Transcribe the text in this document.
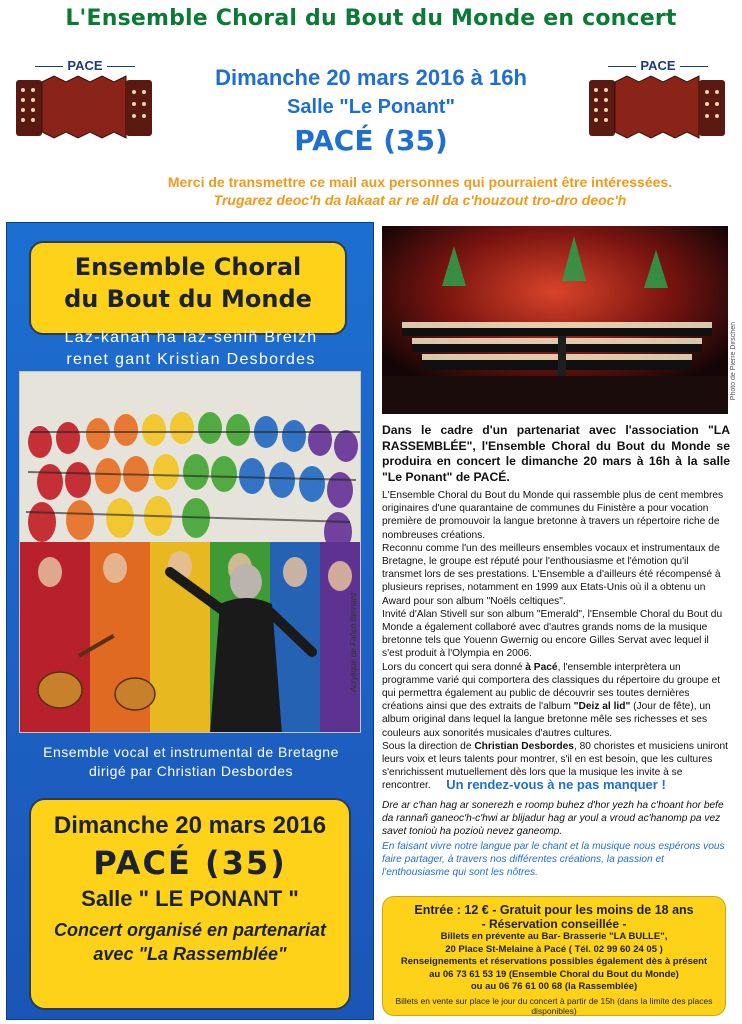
L'Ensemble Choral du Bout du Monde en concert
PACE	PACE
Dimanche 20 mars 2016 à 16h
Salle "Le Ponant"
PACÉ (35)
Merci de transmettre ce mail aux personnes qui pourraient être intéressées.
Trugarez deoc'h da lakaat ar re all da c'houzout tro-dro deoc'h
Ensemble Choral
du Bout du Monde
Laz-kanañ ha laz-seniñ Breizh
renet gant Kristian Desbordes
Acrylique de Fañch Bernard
Ensemble vocal et instrumental de Bretagne
dirigé par Christian Desbordes
Dimanche 20 mars 2016
PACÉ (35)
Salle " LE PONANT "
Concert organisé en partenariat
avec "La Rassemblée"
Photo de Pierre Dirschen
Dans le cadre d'un partenariat avec l'association "LA RASSEMBLÉE", l'Ensemble Choral du Bout du Monde se produira en concert le dimanche 20 mars à 16h à la salle "Le Ponant" de PACÉ.

L'Ensemble Choral du Bout du Monde qui rassemble plus de cent membres originaires d'une quarantaine de communes du Finistère a pour vocation première de promouvoir la langue bretonne à travers un répertoire riche de nombreuses créations.

Reconnu comme l'un des meilleurs ensembles vocaux et instrumentaux de Bretagne, le groupe est réputé pour l'enthousiasme et l'émotion qu'il transmet lors de ses prestations. L'Ensemble a d'ailleurs été récompensé à plusieurs reprises, notamment en 1999 aux Etats-Unis où il a obtenu un Award pour son album "Noëls celtiques".

Invité d'Alan Stivell sur son album "Emerald", l'Ensemble Choral du Bout du Monde a également collaboré avec d'autres grands noms de la musique bretonne tels que Youenn Gwernig ou encore Gilles Servat avec lequel il s'est produit à l'Olympia en 2006.

Lors du concert qui sera donné à Pacé, l'ensemble interprètera un programme varié qui comportera des classiques du répertoire du groupe et qui permettra également au public de découvrir ses toutes dernières créations ainsi que des extraits de l'album "Deiz al lid" (Jour de fête), un album original dans lequel la langue bretonne mêle ses richesses et ses couleurs aux sonorités musicales d'autres cultures.

Sous la direction de Christian Desbordes, 80 choristes et musiciens uniront leurs voix et leurs talents pour montrer, s'il en est besoin, que les cultures s'enrichissent mutuellement dès lors que la musique les invite à se rencontrer.	Un rendez-vous à ne pas manquer !
Dre ar c'han hag ar sonerezh e roomp buhez d'hor yezh ha c'hoant hor befe da rannañ ganeoc'h-c'hwi ar blijadur hag ar youl a vroud ac'hanomp pa vez savet tonioù ha pozioù nevez ganeomp.
En faisant vivre notre langue par le chant et la musique nous espérons vous faire partager, à travers nos différentes créations, la passion et l'enthousiasme qui sont les nôtres.
Entrée : 12 € - Gratuit pour les moins de 18 ans
- Réservation conseillée -
Billets en prévente au Bar- Brasserie "LA BULLE",
20 Place St-Melaine à Pacé ( Tél. 02 99 60 24 05 )
Renseignements et réservations possibles également dès à présent
au 06 73 61 53 19 (Ensemble Choral du Bout du Monde)
ou au 06 76 61 00 68 (la Rassemblée)
Billets en vente sur place le jour du concert à partir de 15h (dans la limite des places disponibles)
